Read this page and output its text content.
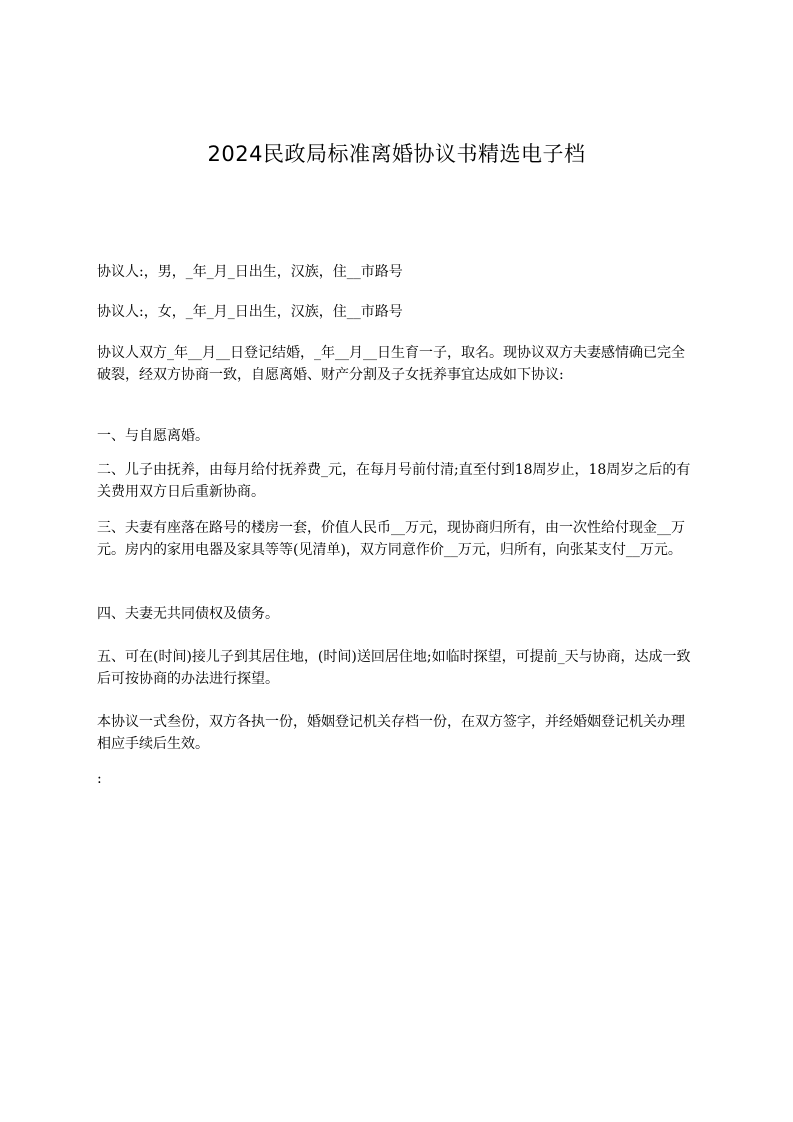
2024民政局标准离婚协议书精选电子档

协议人:，男，_年_月_日出生，汉族，住__市路号

协议人:，女，_年_月_日出生，汉族，住__市路号

协议人双方_年__月__日登记结婚，_年__月__日生育一子，取名。现协议双方夫妻感情确已完全破裂，经双方协商一致，自愿离婚、财产分割及子女抚养事宜达成如下协议:

一、与自愿离婚。

二、儿子由抚养，由每月给付抚养费_元，在每月号前付清;直至付到18周岁止，18周岁之后的有关费用双方日后重新协商。

三、夫妻有座落在路号的楼房一套，价值人民币__万元，现协商归所有，由一次性给付现金__万元。房内的家用电器及家具等等(见清单)，双方同意作价__万元，归所有，向张某支付__万元。

四、夫妻无共同债权及债务。

五、可在(时间)接儿子到其居住地，(时间)送回居住地;如临时探望，可提前_天与协商，达成一致后可按协商的办法进行探望。

本协议一式叁份，双方各执一份，婚姻登记机关存档一份，在双方签字，并经婚姻登记机关办理相应手续后生效。

:
